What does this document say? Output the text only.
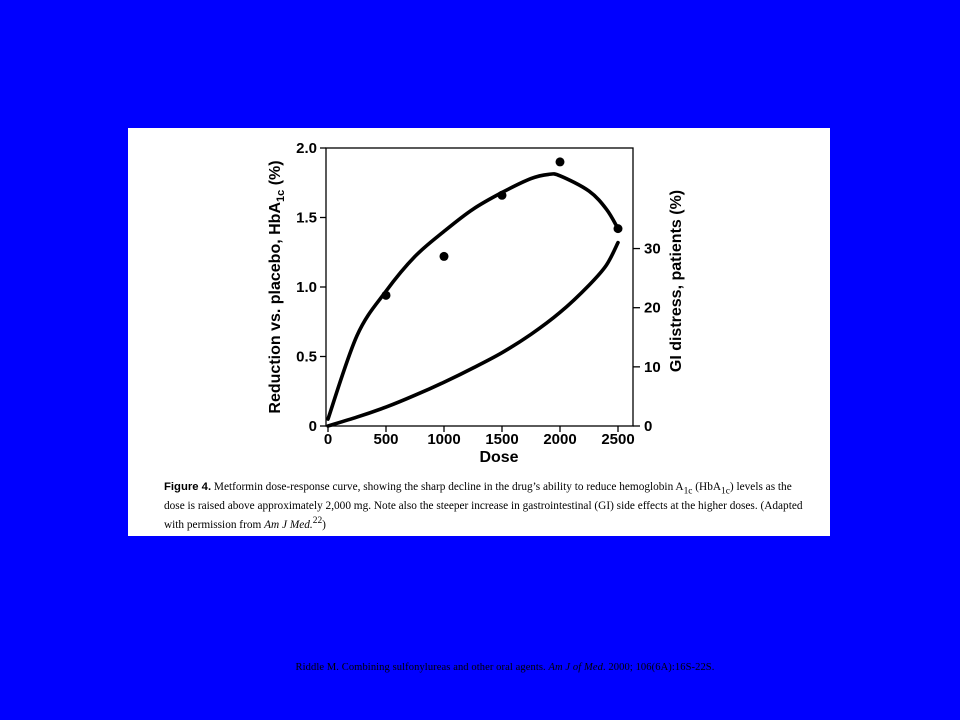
0	500 1000 1500 2000 2500
0
0.5
1.0
1.5
2.0
0
10
20
30
Dose
Reduction vs. placebo, HbA$_{1c}$ (%)
GI distress, patients (%)
Figure 4. Metformin dose-response curve, showing the sharp decline in the drug’s ability to reduce hemoglobin $A_{1c}$ (HbA$_{1c}$) levels as the dose is raised above approximately 2,000 mg. Note also the steeper increase in gastrointestinal (GI) side effects at the higher doses. (Adapted with permission from Am J Med.$^{22}$)
Riddle M. Combining sulfonylureas and other oral agents. Am J of Med. 2000; 106(6A):16S-22S.
